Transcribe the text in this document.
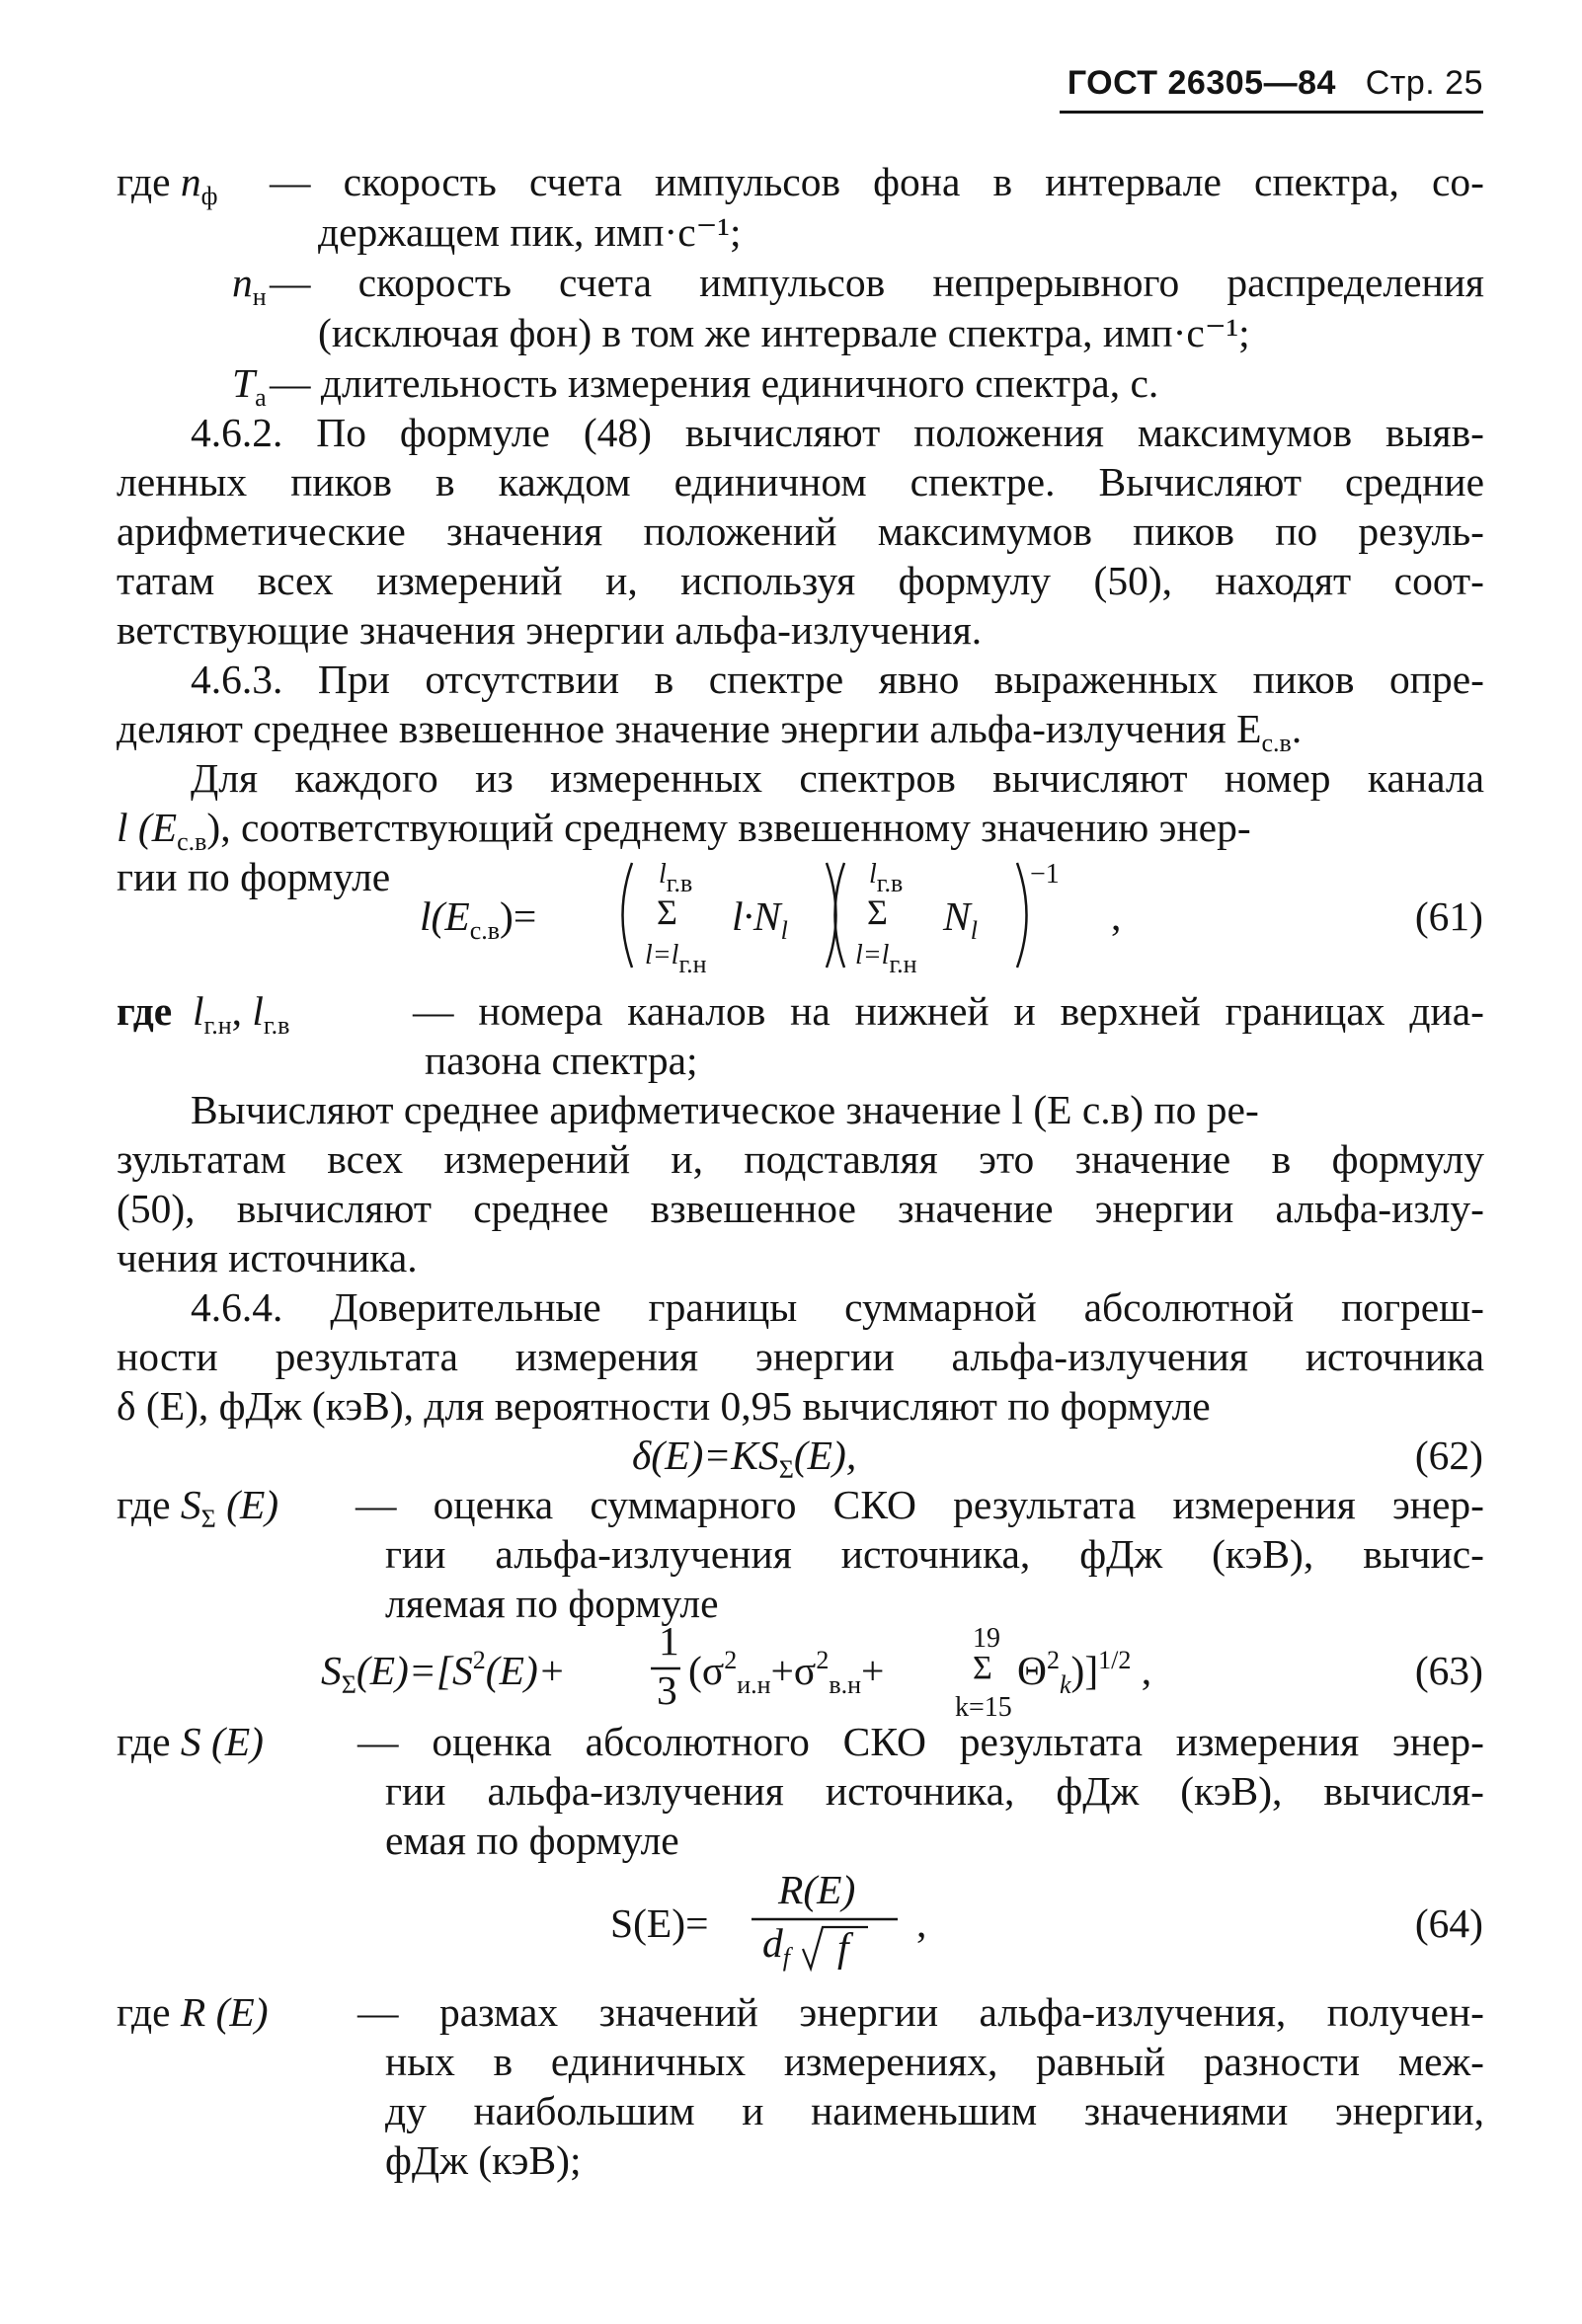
ГОСТ 26305—84 Стр. 25
где $n_ф$ — скорость счета импульсов фона в интервале спектра, со-
держащем пик, имп·с⁻¹;
$n_н$ — скорость счета импульсов непрерывного распределения
(исключая фон) в том же интервале спектра, имп·с⁻¹;
$T_а$ — длительность измерения единичного спектра, с.
4.6.2. По формуле (48) вычисляют положения максимумов выяв-
ленных пиков в каждом единичном спектре. Вычисляют средние
арифметические значения положений максимумов пиков по резуль-
татам всех измерений и, используя формулу (50), находят соот-
ветствующие значения энергии альфа-излучения.
4.6.3. При отсутствии в спектре явно выраженных пиков опре-
деляют среднее взвешенное значение энергии альфа-излучения $E_{с.в}$.
Для каждого из измеренных спектров вычисляют номер канала
l $(E_{с.в})$, соответствующий среднему взвешенному значению энер-
гии по формуле
$l(E_{с.в})=$
$l_{г.в}$
Σ
$l=l_{г.н}$
$l\cdot N_l$
$l_{г.в}$
Σ
$l=l_{г.н}$
$N_l$
−1
,	(61)
где $l_{г.н}$, $l_{г.в}$	— номера каналов на нижней и верхней границах диа-
пазона спектра;
Вычисляют среднее арифметическое значение l (E с.в) по ре-
зультатам всех измерений и, подставляя это значение в формулу
(50), вычисляют среднее взвешенное значение энергии альфа-излу-
чения источника.
4.6.4. Доверительные границы суммарной абсолютной погреш-
ности результата измерения энергии альфа-излучения источника
δ (E), фДж (кэВ), для вероятности 0,95 вычисляют по формуле
$\delta(E)=KS_\Sigma(E)$,	(62)
где $S_\Sigma$ (E) — оценка суммарного СКО результата измерения энер-
гии альфа-излучения источника, фДж (кэВ), вычис-
ляемая по формуле
$S_\Sigma(E)=[S^2(E)+$
1
3 ($\sigma^2_{и.н}+\sigma^2_{в.н}+$
19
Σ
k=15
$\Theta^2_k)]^{1/2}$ ,	(63)
где S (E) — оценка абсолютного СКО результата измерения энер-
гии альфа-излучения источника, фДж (кэВ), вычисля-
емая по формуле
S(E)=
R(E)
$d_f$ f
,	(64)
где R (E) — размах значений энергии альфа-излучения, получен-
ных в единичных измерениях, равный разности меж-
ду наибольшим и наименьшим значениями энергии,
фДж (кэВ);
